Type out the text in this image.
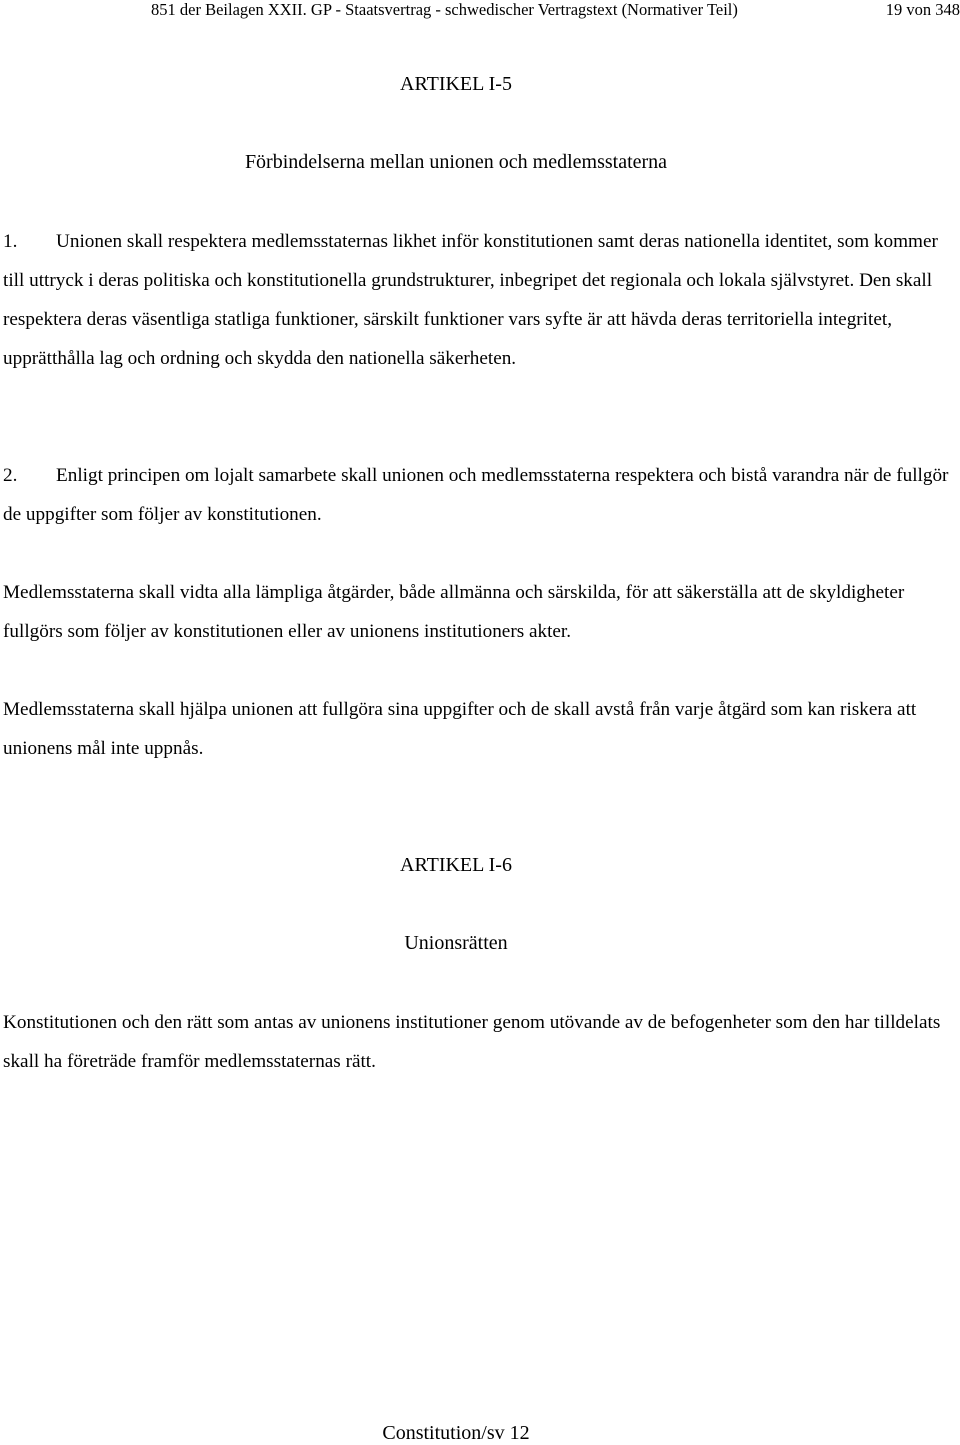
851 der Beilagen XXII. GP - Staatsvertrag - schwedischer Vertragstext (Normativer Teil)	19 von 348
ARTIKEL I-5
Förbindelserna mellan unionen och medlemsstaterna
1. Unionen skall respektera medlemsstaternas likhet inför konstitutionen samt deras nationella identitet, som kommer till uttryck i deras politiska och konstitutionella grundstrukturer, inbegripet det regionala och lokala självstyret. Den skall respektera deras väsentliga statliga funktioner, särskilt funktioner vars syfte är att hävda deras territoriella integritet, upprätthålla lag och ordning och skydda den nationella säkerheten.
2. Enligt principen om lojalt samarbete skall unionen och medlemsstaterna respektera och bistå varandra när de fullgör de uppgifter som följer av konstitutionen.
Medlemsstaterna skall vidta alla lämpliga åtgärder, både allmänna och särskilda, för att säkerställa att de skyldigheter fullgörs som följer av konstitutionen eller av unionens institutioners akter.
Medlemsstaterna skall hjälpa unionen att fullgöra sina uppgifter och de skall avstå från varje åtgärd som kan riskera att unionens mål inte uppnås.
ARTIKEL I-6
Unionsrätten
Konstitutionen och den rätt som antas av unionens institutioner genom utövande av de befogenheter som den har tilldelats skall ha företräde framför medlemsstaternas rätt.
Constitution/sv 12
